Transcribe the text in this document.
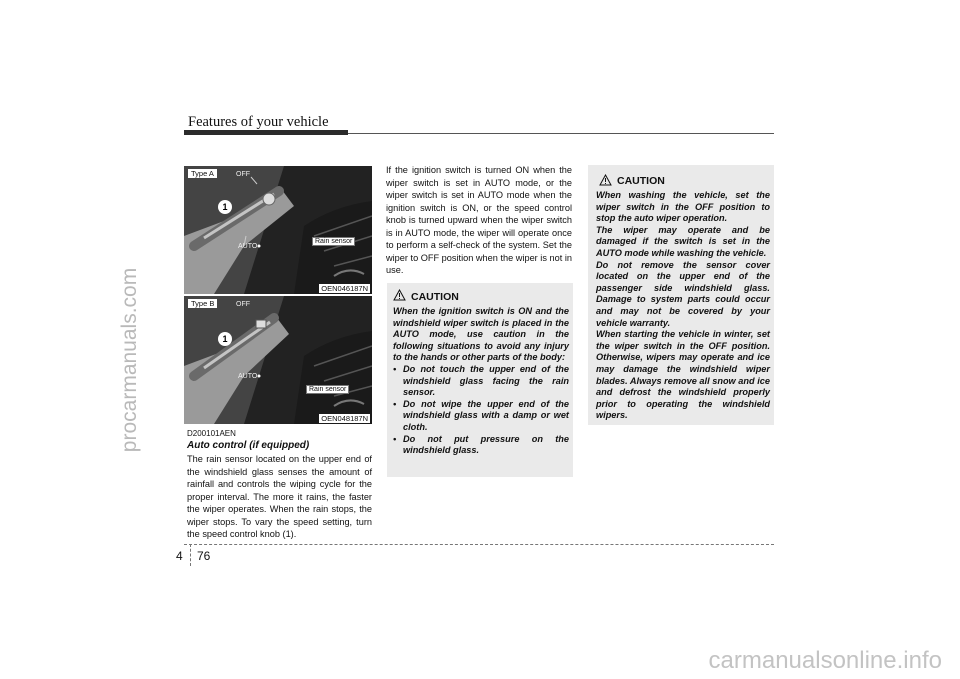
procarmanuals.com
carmanualsonline.info
Features of your vehicle
Type A	OFF
1
AUTO
Rain sensor
OEN046187N
Type B	OFF
1
AUTO
Rain sensor
OEN048187N
D200101AEN
Auto control (if equipped)
The rain sensor located on the upper end of the windshield glass senses the amount of rainfall and controls the wiping cycle for the proper interval. The more it rains, the faster the wiper operates. When the rain stops, the wiper stops. To vary the speed setting, turn the speed control knob (1).
If the ignition switch is turned ON when the wiper switch is set in AUTO mode, or the wiper switch is set in AUTO mode when the ignition switch is ON, or the speed control knob is turned upward when the wiper switch is in AUTO mode, the wiper will operate once to perform a self-check of the system. Set the wiper to OFF position when the wiper is not in use.
CAUTION

When the ignition switch is ON and the windshield wiper switch is placed in the AUTO mode, use caution in the following situations to avoid any injury to the hands or other parts of the body:

• Do not touch the upper end of the windshield glass facing the rain sensor.
• Do not wipe the upper end of the windshield glass with a damp or wet cloth.
• Do not put pressure on the windshield glass.
CAUTION

When washing the vehicle, set the wiper switch in the OFF position to stop the auto wiper operation.

The wiper may operate and be damaged if the switch is set in the AUTO mode while washing the vehicle.

Do not remove the sensor cover located on the upper end of the passenger side windshield glass. Damage to system parts could occur and may not be covered by your vehicle warranty.

When starting the vehicle in winter, set the wiper switch in the OFF position. Otherwise, wipers may operate and ice may damage the windshield wiper blades. Always remove all snow and ice and defrost the windshield properly prior to operating the windshield wipers.

4 76
